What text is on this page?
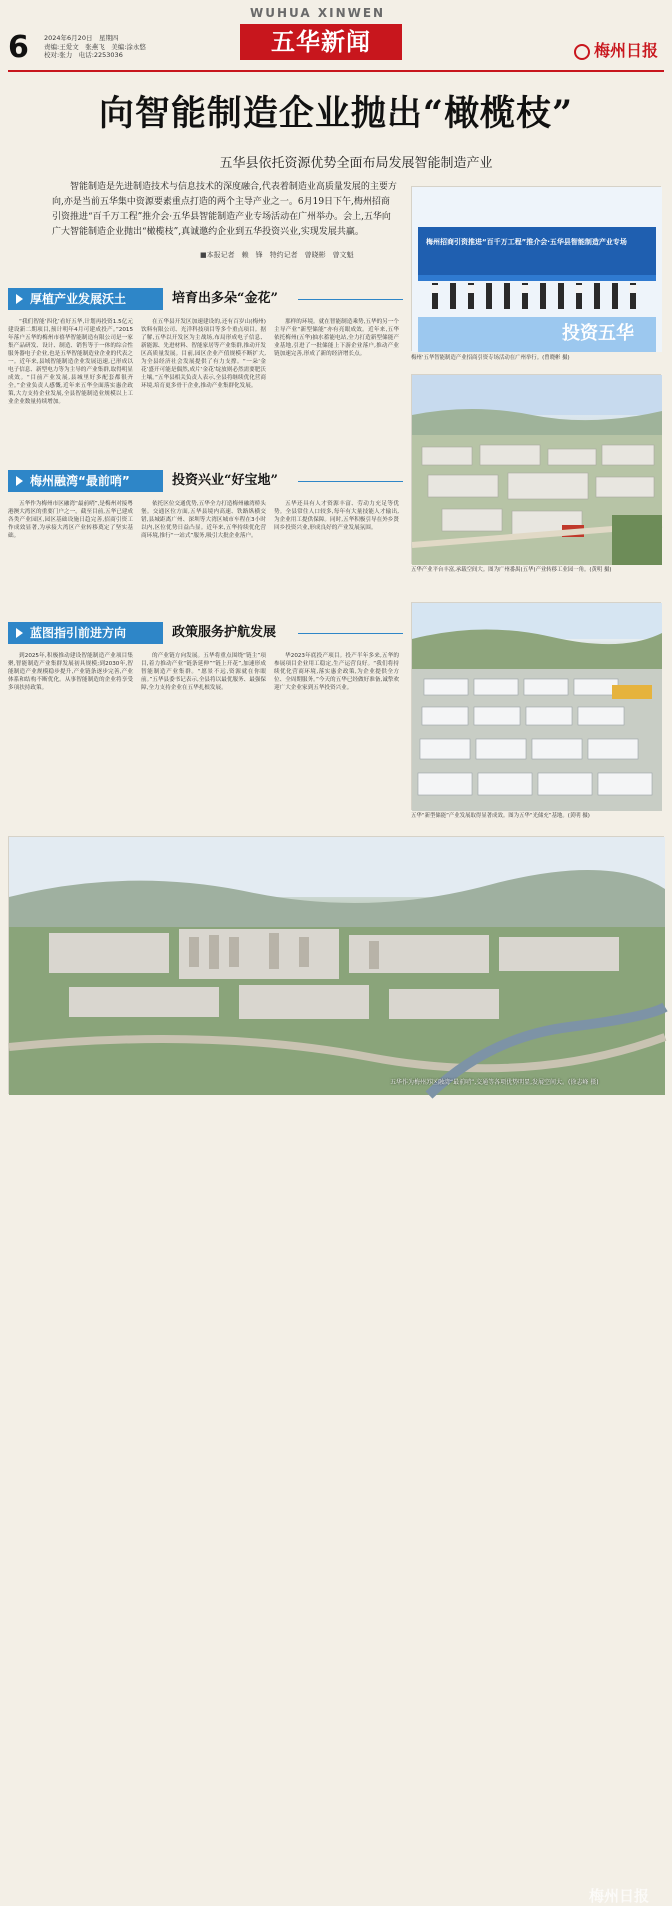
6 2024年6月20日　星期四
责编:王爱文　张燕飞　美编:涂永悠
校对:张力　电话:2253036
WUHUA XINWEN
五华新闻	梅州日报
向智能制造企业抛出“橄榄枝”
五华县依托资源优势全面布局发展智能制造产业
智能制造是先进制造技术与信息技术的深度融合,代表着制造业高质量发展的主要方向,亦是当前五华集中资源要素重点打造的两个主导产业之一。6月19日下午,梅州招商引资推进“百千万工程”推介会·五华县智能制造产业专场活动在广州举办。会上,五华向广大智能制造企业抛出“橄榄枝”,真诚邀约企业到五华投资兴业,实现发展共赢。
■本报记者　赖　锋　特约记者　曾晓彬　曾文魁
厚植产业发展沃土	培育出多朵“金花”

“我们智能‘四化’看好五华,计划再投资1.5亿元建设新二期项目,预计明年4月可建成投产。”2015年落户五华的梅州市禧华智能制造有限公司是一家集产品研发、设计、制造、销售等于一体的综合性服务器电子企业,也是五华智能制造业企业的代表之一。近年来,县域智能制造企业发展迅速,已形成以电子信息、新型电力等为主导的产业集群,取得明显成效。“目前产业发展,县城里好多配套都很齐全。”企业负责人感慨,近年来五华全面落实惠企政策,大力支持企业发展,全县智能制造业规模以上工业企业数量持续增加。

在五华县开发区加速建设的,还有百岁山(梅州)饮料有限公司、光洋科技项目等多个重点项目。据了解,五华以开发区为主战场,布局形成电子信息、新能源、先进材料、智能家居等产业集群,推动开发区高质量发展。目前,园区企业产值规模不断扩大,为全县经济社会发展提供了有力支撑。“一朵‘金花’盛开可能是偶然,成片‘金花’绽放则必然需要肥沃土壤。”五华县相关负责人表示,全县将继续优化营商环境,培育更多骨干企业,推动产业集群化发展。

那样的环境。就在智能制造乘势,五华的另一个主导产业“新型储能”亦有亮眼成效。近年来,五华依托梅州(五华)抽水蓄能电站,全力打造新型储能产业基地,引进了一批储能上下游企业落户,推动产业链加速完善,形成了新的经济增长点。

梅州融湾“最前哨”	投资兴业“好宝地”

五华作为梅州市区融湾“最前哨”,是梅州对接粤港澳大湾区的重要门户之一。截至目前,五华已建成各类产业园区,园区基础设施日趋完善,招商引资工作成效显著,为承接大湾区产业转移奠定了坚实基础。

依托区位交通优势,五华全力打造梅州融湾桥头堡。交通区位方面,五华县境内高速、铁路纵横交错,县城距离广州、深圳等大湾区城市车程在3小时以内,区位优势日益凸显。近年来,五华持续优化营商环境,推行“一站式”服务,吸引大批企业落户。

五华还具有人才资源丰富、劳动力充足等优势。全县常住人口较多,每年有大量技能人才输出,为企业用工提供保障。同时,五华积极引导在外乡贤回乡投资兴业,形成良好的产业发展氛围。

蓝图指引前进方向	政策服务护航发展

到2025年,积极推动建设智能制造产业项目集聚,智能制造产业集群发展初具规模;到2030年,智能制造产业规模稳步提升,产业链条逐步完善,产业体系和结构不断优化。从事智能制造的企业将享受多项扶持政策。

的产业链方向发展。五华将重点围绕“链主”项目,着力推动产业“链条延伸”“链上开花”,加速形成智能制造产业集群。“愿景不远,资源就在你眼前。”五华县委书记表示,全县将以最优服务、最强保障,全力支持企业在五华扎根发展。

华2023年底投产项目。投产半年多来,五华的参展项目企业用工稳定,生产运营良好。“我们将持续优化营商环境,落实惠企政策,为企业提供全方位、全周期服务。”今天的五华已经做好准备,诚挚欢迎广大企业家到五华投资兴业。

梅州招商引资推进“百千万工程”推介会·五华县智能制造产业专场
投资五华
梅州‘五华智能制造产业招商引资专场活动在广州举行。(曾晓彬 摄)
五华产业平台丰富,承载空间大。图为广州番禺(五华)产业转移工业园一角。(黄明 摄)
五华“新型储能”产业发展取得显著成效。图为五华“光储充”基地。(黄明 摄)
梅州日报
五华作为梅州苏区融湾“最前哨”,交通等各项优势明显,发展空间大。(徐志峰 摄)
